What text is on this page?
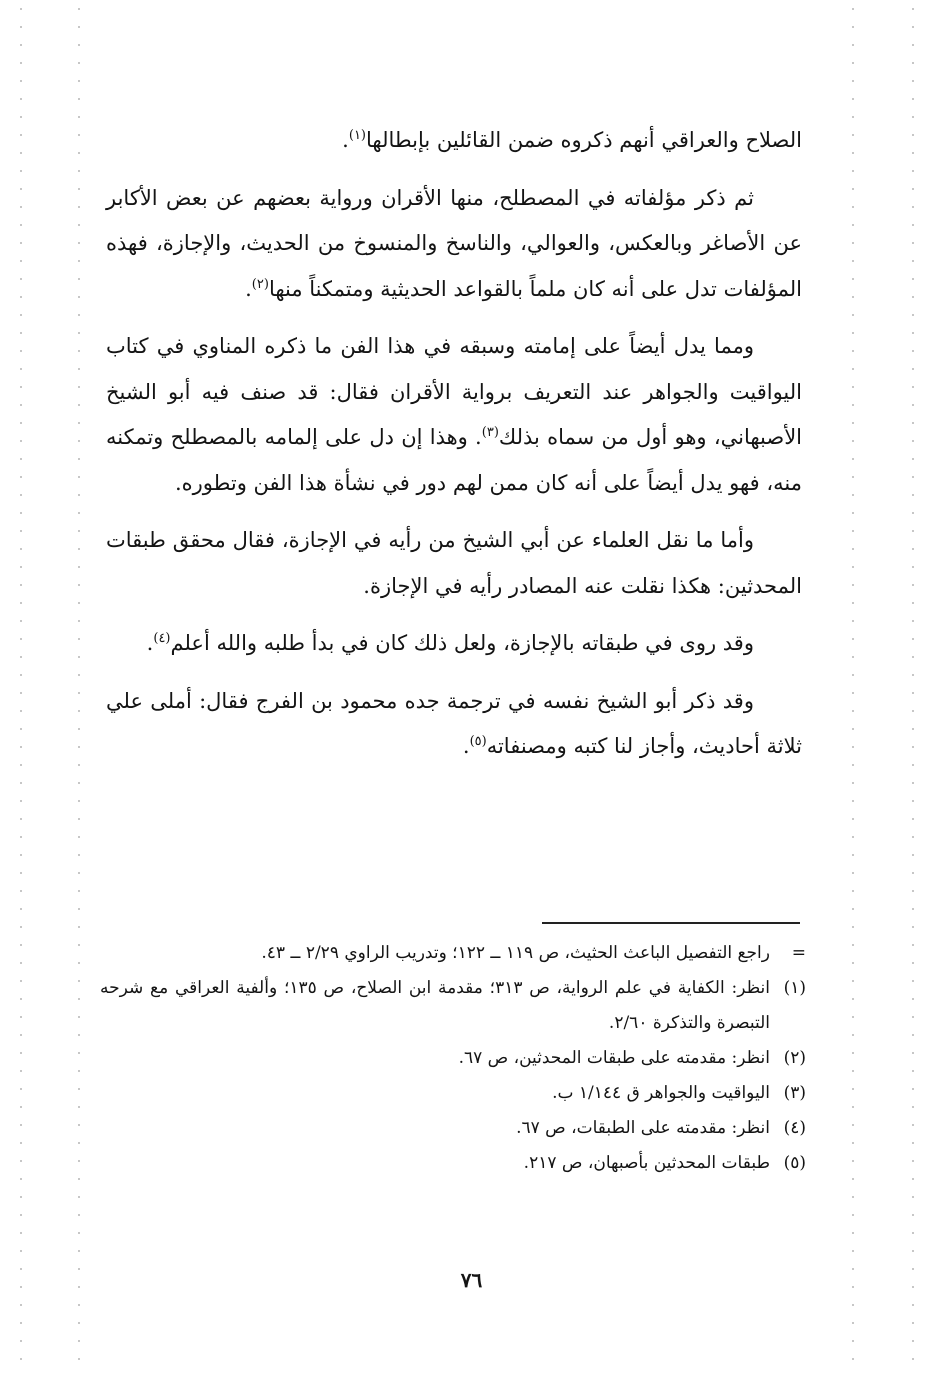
الصلاح والعراقي أنهم ذكروه ضمن القائلين بإبطالها$^{(١)}$.

ثم ذكر مؤلفاته في المصطلح، منها الأقران ورواية بعضهم عن بعض الأكابر عن الأصاغر وبالعكس، والعوالي، والناسخ والمنسوخ من الحديث، والإجازة، فهذه المؤلفات تدل على أنه كان ملماً بالقواعد الحديثية ومتمكناً منها$^{(٢)}$.

ومما يدل أيضاً على إمامته وسبقه في هذا الفن ما ذكره المناوي في كتاب اليواقيت والجواهر عند التعريف برواية الأقران فقال: قد صنف فيه أبو الشيخ الأصبهاني، وهو أول من سماه بذلك$^{(٣)}$. وهذا إن دل على إلمامه بالمصطلح وتمكنه منه، فهو يدل أيضاً على أنه كان ممن لهم دور في نشأة هذا الفن وتطوره.

وأما ما نقل العلماء عن أبي الشيخ من رأيه في الإجازة، فقال محقق طبقات المحدثين: هكذا نقلت عنه المصادر رأيه في الإجازة.

وقد روى في طبقاته بالإجازة، ولعل ذلك كان في بدأ طلبه والله أعلم$^{(٤)}$.

وقد ذكر أبو الشيخ نفسه في ترجمة جده محمود بن الفرج فقال: أملى علي ثلاثة أحاديث، وأجاز لنا كتبه ومصنفاته$^{(٥)}$.

=
راجع التفصيل الباعث الحثيث، ص ١١٩ ــ ١٢٢؛ وتدريب الراوي ٢/٢٩ ــ ٤٣.
(١)
انظر: الكفاية في علم الرواية، ص ٣١٣؛ مقدمة ابن الصلاح، ص ١٣٥؛ وألفية العراقي مع شرحه التبصرة والتذكرة ٢/٦٠.
(٢)
انظر: مقدمته على طبقات المحدثين، ص ٦٧.
(٣)
اليواقيت والجواهر ق ١/١٤٤ ب.
(٤)
انظر: مقدمته على الطبقات، ص ٦٧.
(٥)
طبقات المحدثين بأصبهان، ص ٢١٧.
٧٦
